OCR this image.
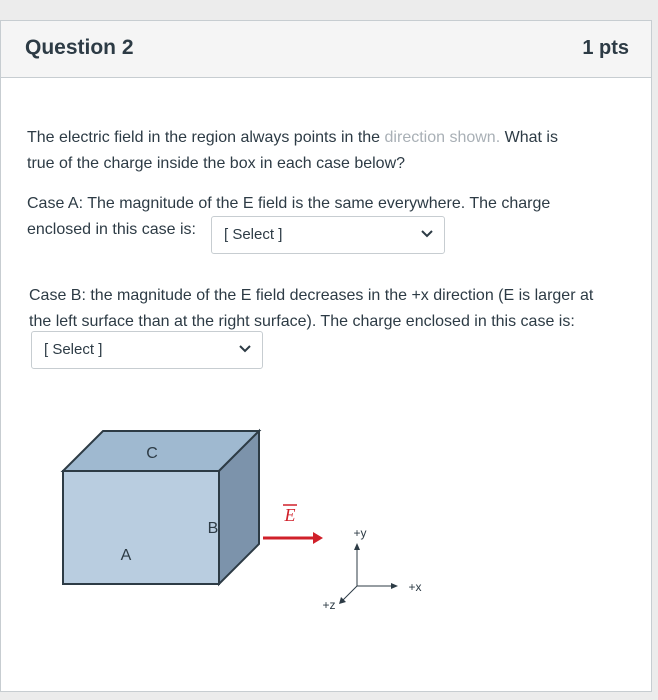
Question 2	1 pts
The electric field in the region always points in the direction shown. What is
true of the charge inside the box in each case below?
Case A: The magnitude of the E field is the same everywhere. The charge
enclosed in this case is:	[ Select ]
Case B: the magnitude of the E field decreases in the +x direction (E is larger at
the left surface than at the right surface). The charge enclosed in this case is:
[ Select ]
C
A
B
E
+y
+x
+z
